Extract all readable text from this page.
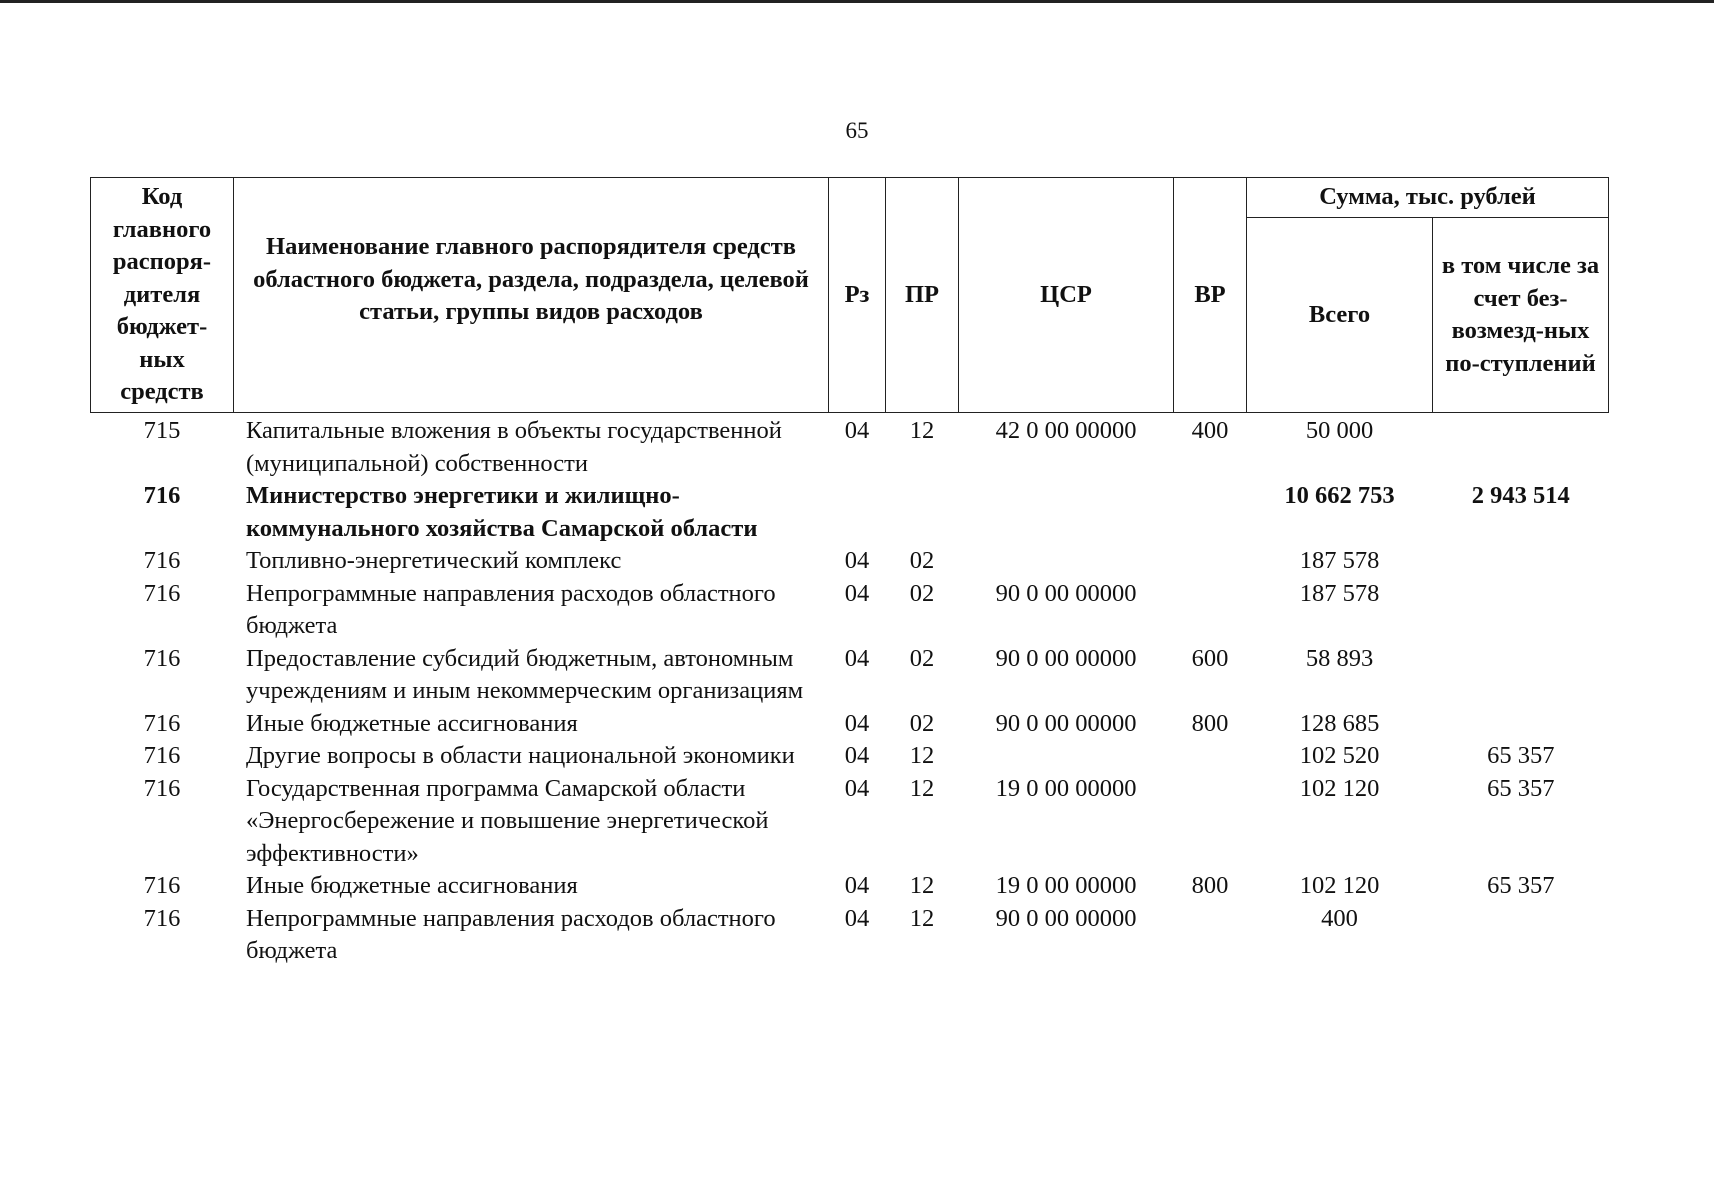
65
Код главного распоря-дителя бюджет-ных средств	Наименование главного распорядителя средств областного бюджета, раздела, подраздела, целевой статьи, группы видов расходов	Рз	ПР	ЦСР	ВР	Сумма, тыс. рублей	
						Всего	в том числе за счет без-возмезд-ных по-ступлений
715	Капитальные вложения в объекты государственной (муниципальной) собственности	04	12	42 0 00 00000	400	50 000	
716	Министерство энергетики и жилищно-коммунального хозяйства Самарской области					10 662 753	2 943 514
716	Топливно-энергетический комплекс	04	02			187 578	
716	Непрограммные направления расходов областного бюджета	04	02	90 0 00 00000		187 578	
716	Предоставление субсидий бюджетным, автономным учреждениям и иным некоммерческим организациям	04	02	90 0 00 00000	600	58 893	
716	Иные бюджетные ассигнования	04	02	90 0 00 00000	800	128 685	
716	Другие вопросы в области национальной экономики	04	12			102 520	65 357
716	Государственная программа Самарской области «Энергосбережение и повышение энергетической эффективности»	04	12	19 0 00 00000		102 120	65 357
716	Иные бюджетные ассигнования	04	12	19 0 00 00000	800	102 120	65 357
716	Непрограммные направления расходов областного бюджета	04	12	90 0 00 00000		400	
